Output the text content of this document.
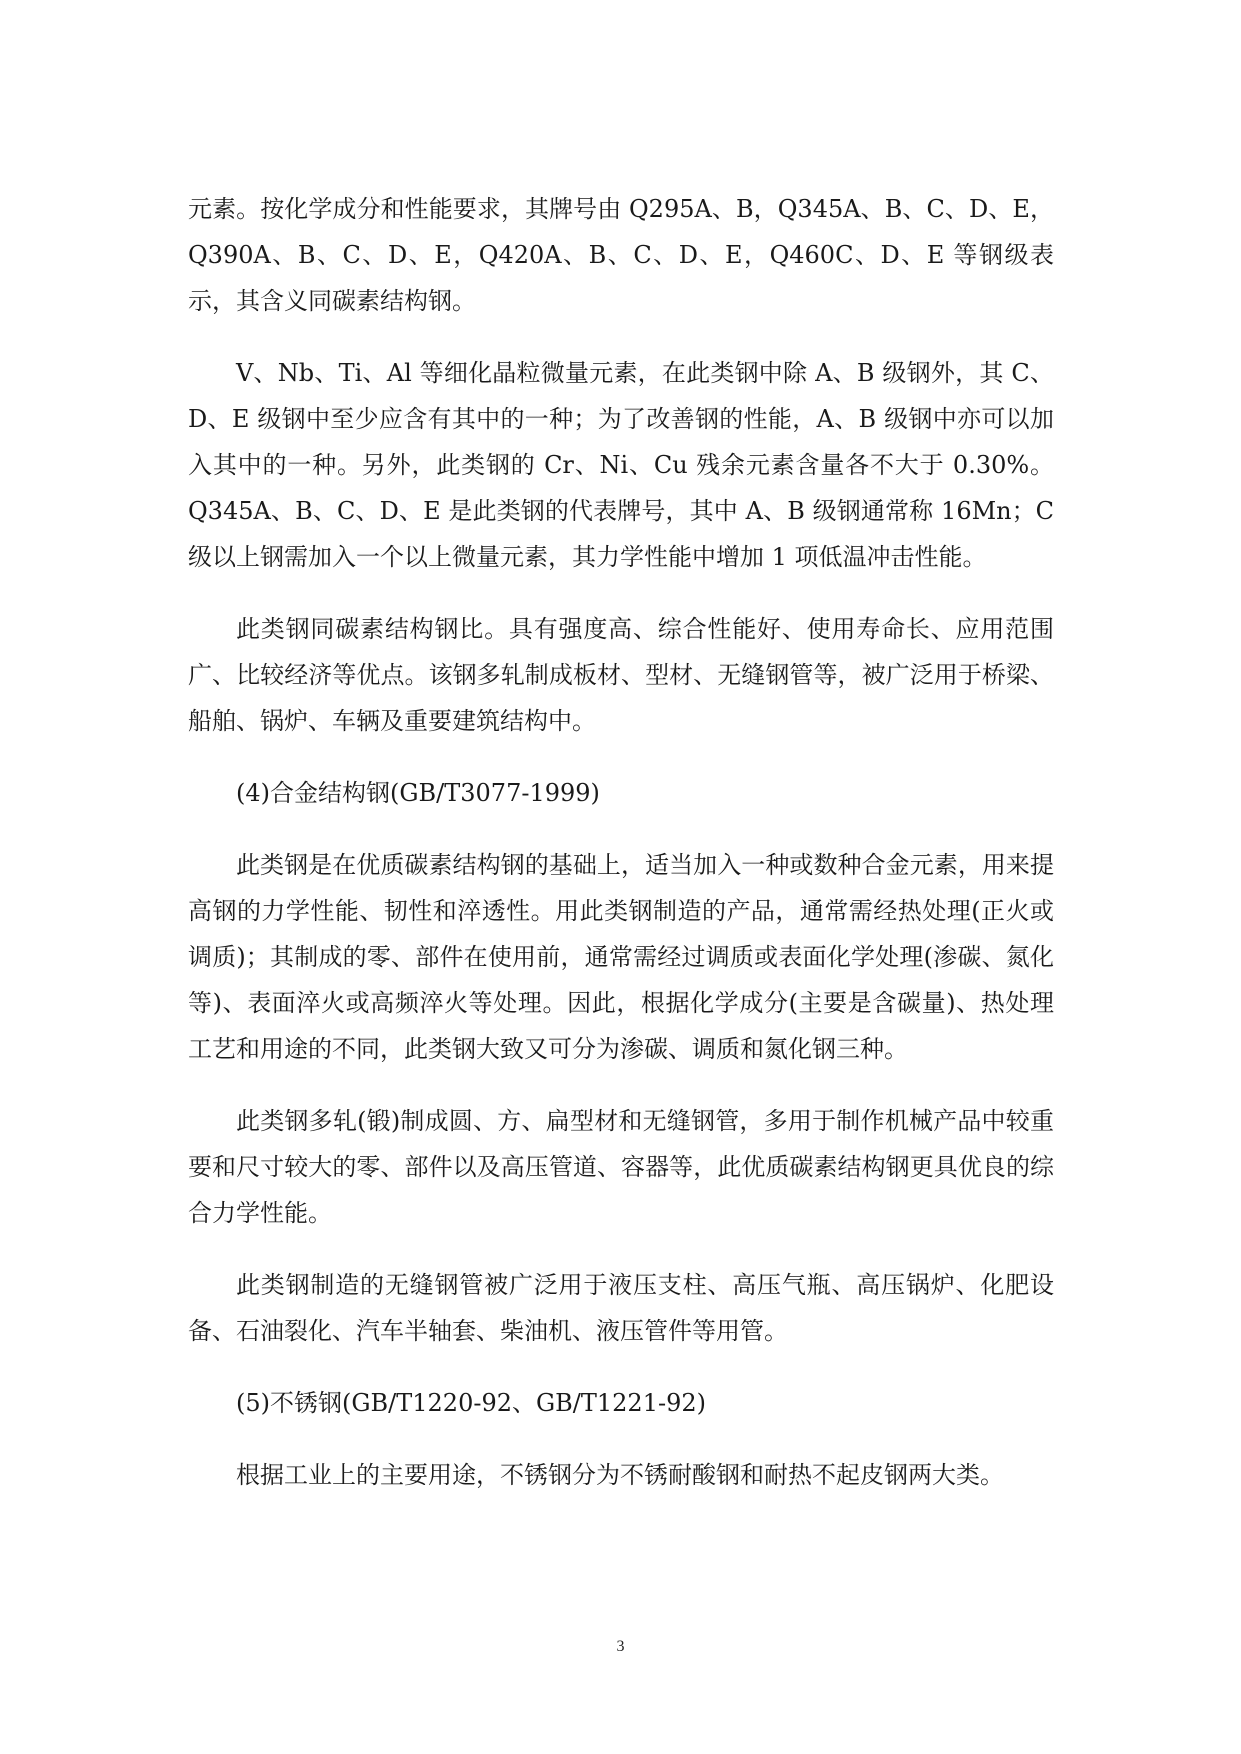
元素。按化学成分和性能要求，其牌号由 Q295A、B，Q345A、B、C、D、E，Q390A、B、C、D、E，Q420A、B、C、D、E，Q460C、D、E 等钢级表示，其含义同碳素结构钢。

V、Nb、Ti、Al 等细化晶粒微量元素，在此类钢中除 A、B 级钢外，其 C、D、E 级钢中至少应含有其中的一种；为了改善钢的性能，A、B 级钢中亦可以加入其中的一种。另外，此类钢的 Cr、Ni、Cu 残余元素含量各不大于 0.30%。Q345A、B、C、D、E 是此类钢的代表牌号，其中 A、B 级钢通常称 16Mn；C 级以上钢需加入一个以上微量元素，其力学性能中增加 1 项低温冲击性能。

此类钢同碳素结构钢比。具有强度高、综合性能好、使用寿命长、应用范围广、比较经济等优点。该钢多轧制成板材、型材、无缝钢管等，被广泛用于桥梁、船舶、锅炉、车辆及重要建筑结构中。

(4)合金结构钢(GB/T3077-1999)

此类钢是在优质碳素结构钢的基础上，适当加入一种或数种合金元素，用来提高钢的力学性能、韧性和淬透性。用此类钢制造的产品，通常需经热处理(正火或调质)；其制成的零、部件在使用前，通常需经过调质或表面化学处理(渗碳、氮化等)、表面淬火或高频淬火等处理。因此，根据化学成分(主要是含碳量)、热处理工艺和用途的不同，此类钢大致又可分为渗碳、调质和氮化钢三种。

此类钢多轧(锻)制成圆、方、扁型材和无缝钢管，多用于制作机械产品中较重要和尺寸较大的零、部件以及高压管道、容器等，此优质碳素结构钢更具优良的综合力学性能。

此类钢制造的无缝钢管被广泛用于液压支柱、高压气瓶、高压锅炉、化肥设备、石油裂化、汽车半轴套、柴油机、液压管件等用管。

(5)不锈钢(GB/T1220-92、GB/T1221-92)

根据工业上的主要用途，不锈钢分为不锈耐酸钢和耐热不起皮钢两大类。

3
